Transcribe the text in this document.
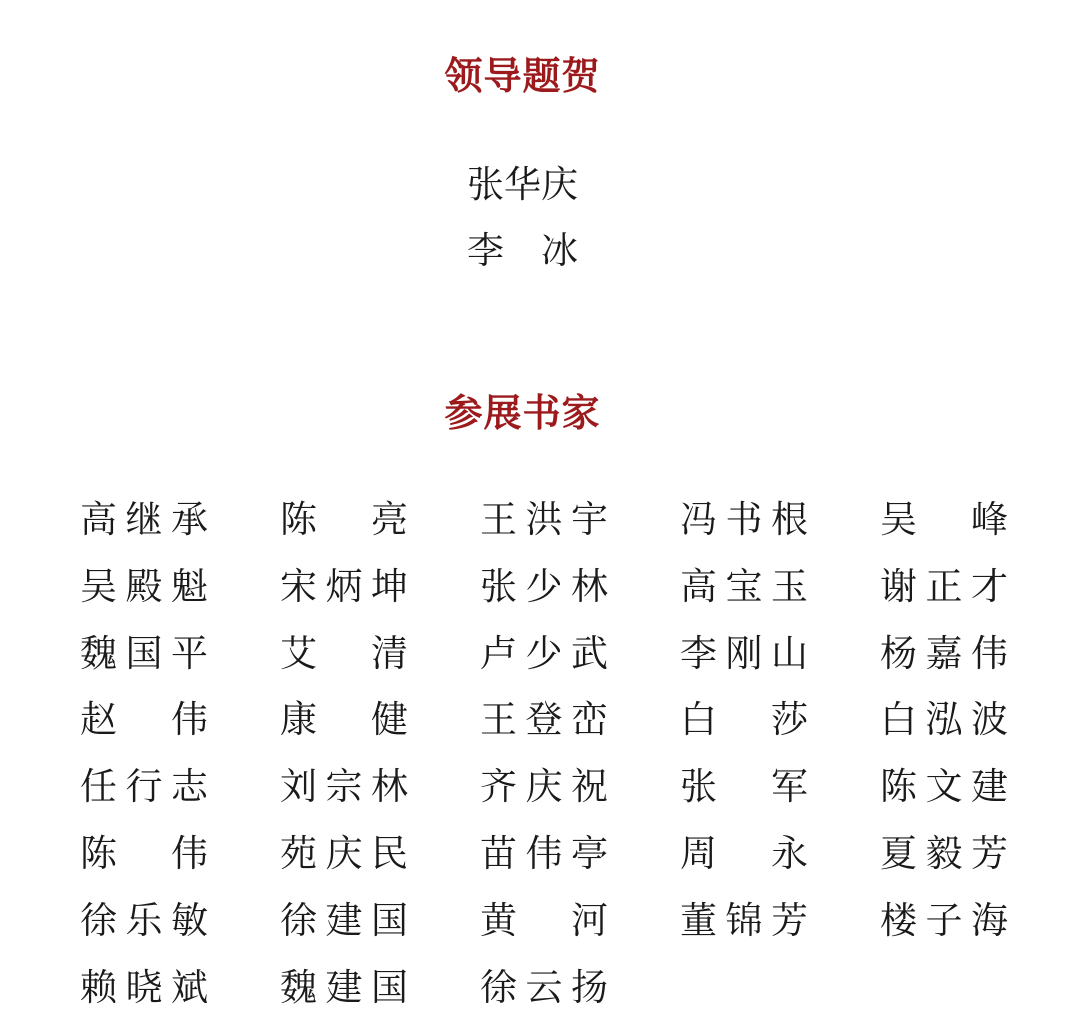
领导题贺
张华庆
李　冰
参展书家
高 继 承 陈 亮 王 洪 宇 冯 书 根 吴 峰
吴 殿 魁 宋 炳 坤 张 少 林 高 宝 玉 谢 正 才
魏 国 平 艾 清 卢 少 武 李 刚 山 杨 嘉 伟
赵 伟 康 健 王 登 峦 白 莎 白 泓 波
任 行 志 刘 宗 林 齐 庆 祝 张 军 陈 文 建
陈 伟 苑 庆 民 苗 伟 亭 周 永 夏 毅 芳
徐 乐 敏 徐 建 国 黄 河 董 锦 芳 楼 子 海
赖 晓 斌 魏 建 国 徐 云 扬
